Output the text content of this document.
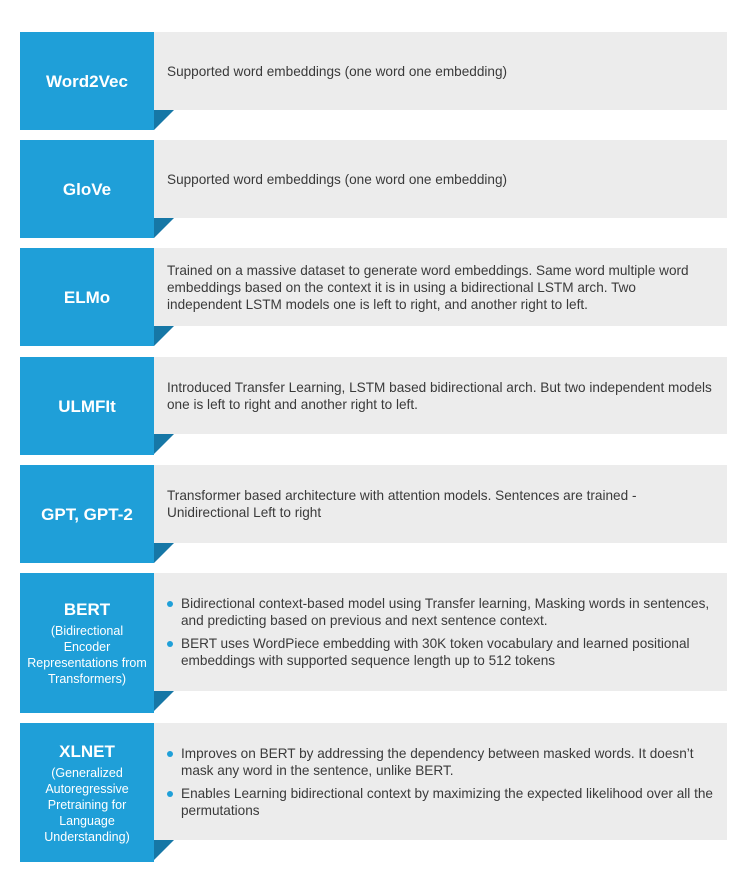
Word2Vec

Supported word embeddings (one word one embedding)

GloVe

Supported word embeddings (one word one embedding)

ELMo

Trained on a massive dataset to generate word embeddings. Same word multiple word embeddings based on the context it is in using a bidirectional LSTM arch. Two independent LSTM models one is left to right, and another right to left.

ULMFIt

Introduced Transfer Learning, LSTM based bidirectional arch. But two independent models one is left to right and another right to left.

GPT, GPT-2

Transformer based architecture with attention models. Sentences are trained - Unidirectional Left to right

BERT
(Bidirectional Encoder Representations from Transformers)
Bidirectional context-based model using Transfer learning, Masking words in sentences, and predicting based on previous and next sentence context.
BERT uses WordPiece embedding with 30K token vocabulary and learned positional embeddings with supported sequence length up to 512 tokens
XLNET
(Generalized Autoregressive Pretraining for Language Understanding)
Improves on BERT by addressing the dependency between masked words. It doesn’t mask any word in the sentence, unlike BERT.
Enables Learning bidirectional context by maximizing the expected likelihood over all the permutations
